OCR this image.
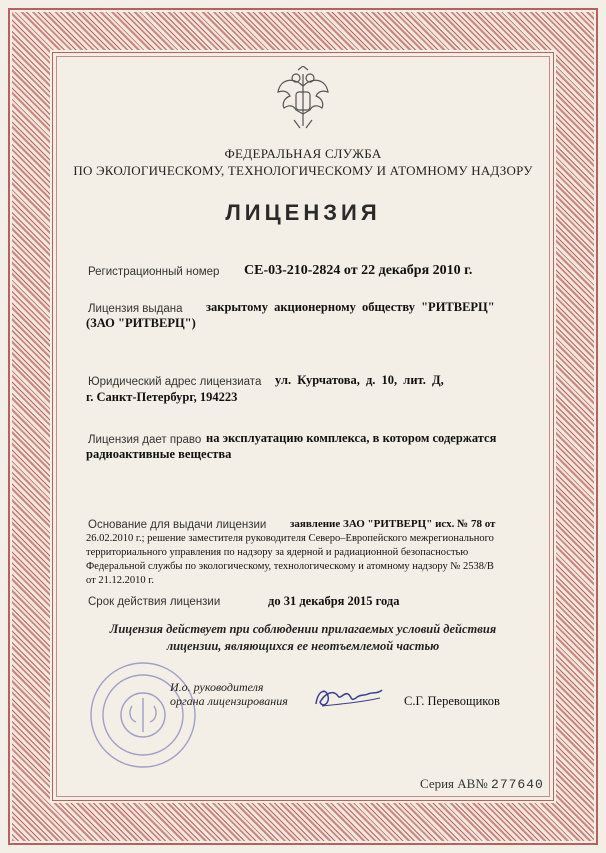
ФЕДЕРАЛЬНАЯ СЛУЖБА
ПО ЭКОЛОГИЧЕСКОМУ, ТЕХНОЛОГИЧЕСКОМУ И АТОМНОМУ НАДЗОРУ
ЛИЦЕНЗИЯ
Регистрационный номер СЕ-03-210-2824 от 22 декабря 2010 г.
Лицензия выдана закрытому акционерному обществу "РИТВЕРЦ"
(ЗАО "РИТВЕРЦ")
Юридический адрес лицензиата ул. Курчатова, д. 10, лит. Д,
г. Санкт-Петербург, 194223
Лицензия дает право на эксплуатацию комплекса, в котором содержатся
радиоактивные вещества
Основание для выдачи лицензии заявление ЗАО "РИТВЕРЦ" исх. № 78 от
26.02.2010 г.; решение заместителя руководителя Северо–Европейского межрегионального
территориального управления по надзору за ядерной и радиационной безопасностью
Федеральной службы по экологическому, технологическому и атомному надзору № 2538/В
от 21.12.2010 г.
Срок действия лицензии	до 31 декабря 2015 года
Лицензия действует при соблюдении прилагаемых условий действия
лицензии, являющихся ее неотъемлемой частью
И.о. руководителя
органа лицензирования	С.Г. Перевощиков
Серия АВ№ 277640
